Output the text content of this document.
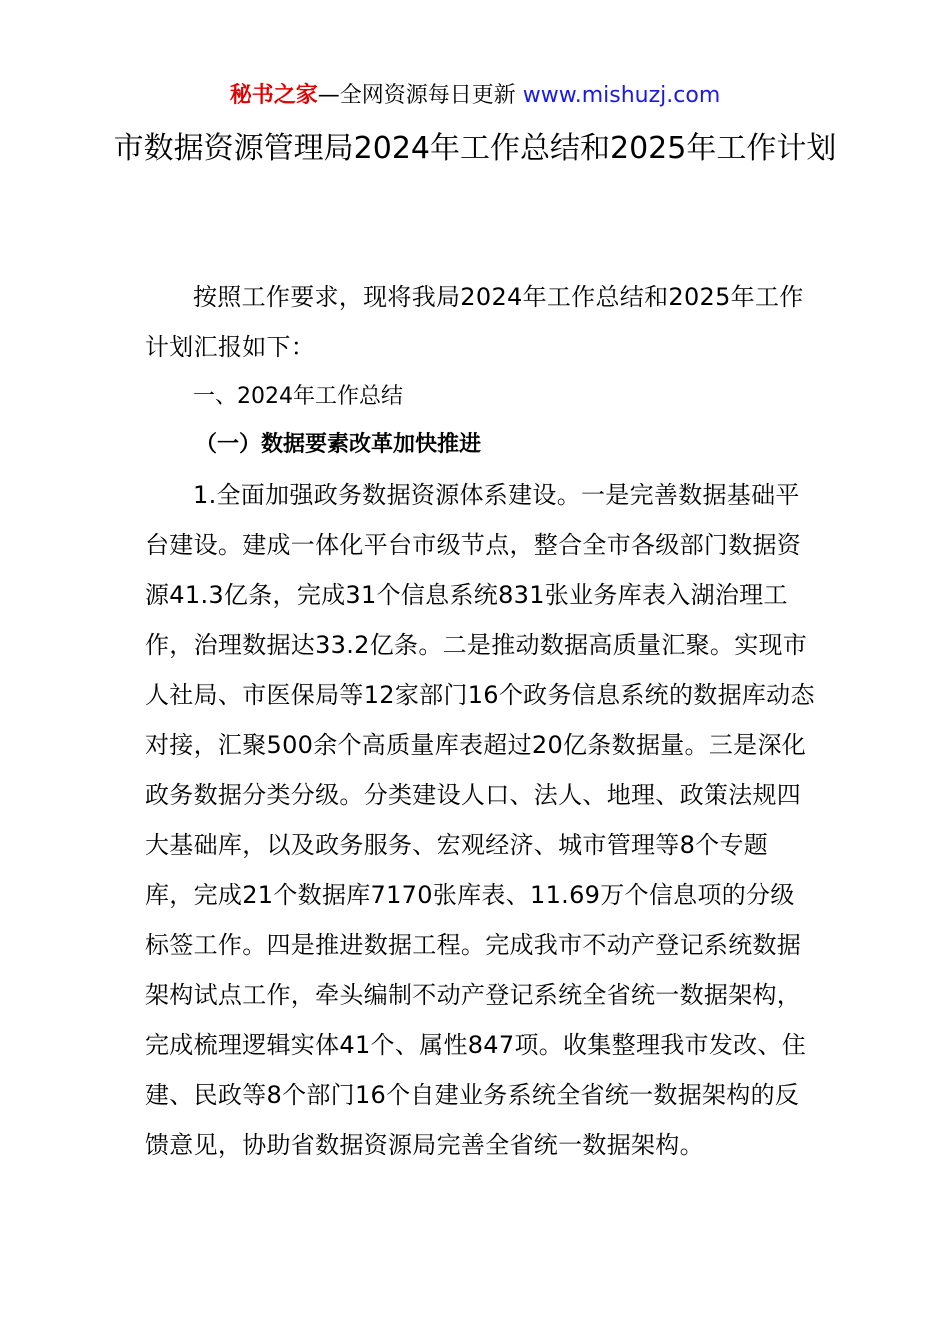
秘书之家—全网资源每日更新 www.mishuzj.com
市数据资源管理局2024年工作总结和2025年工作计划
按照工作要求，现将我局2024年工作总结和2025年工作计划汇报如下：
一、2024年工作总结
（一）数据要素改革加快推进
1.全面加强政务数据资源体系建设。一是完善数据基础平台建设。建成一体化平台市级节点，整合全市各级部门数据资源41.3亿条，完成31个信息系统831张业务库表入湖治理工作，治理数据达33.2亿条。二是推动数据高质量汇聚。实现市人社局、市医保局等12家部门16个政务信息系统的数据库动态对接，汇聚500余个高质量库表超过20亿条数据量。三是深化政务数据分类分级。分类建设人口、法人、地理、政策法规四大基础库，以及政务服务、宏观经济、城市管理等8个专题库，完成21个数据库7170张库表、11.69万个信息项的分级标签工作。四是推进数据工程。完成我市不动产登记系统数据架构试点工作，牵头编制不动产登记系统全省统一数据架构，完成梳理逻辑实体41个、属性847项。收集整理我市发改、住建、民政等8个部门16个自建业务系统全省统一数据架构的反馈意见，协助省数据资源局完善全省统一数据架构。
